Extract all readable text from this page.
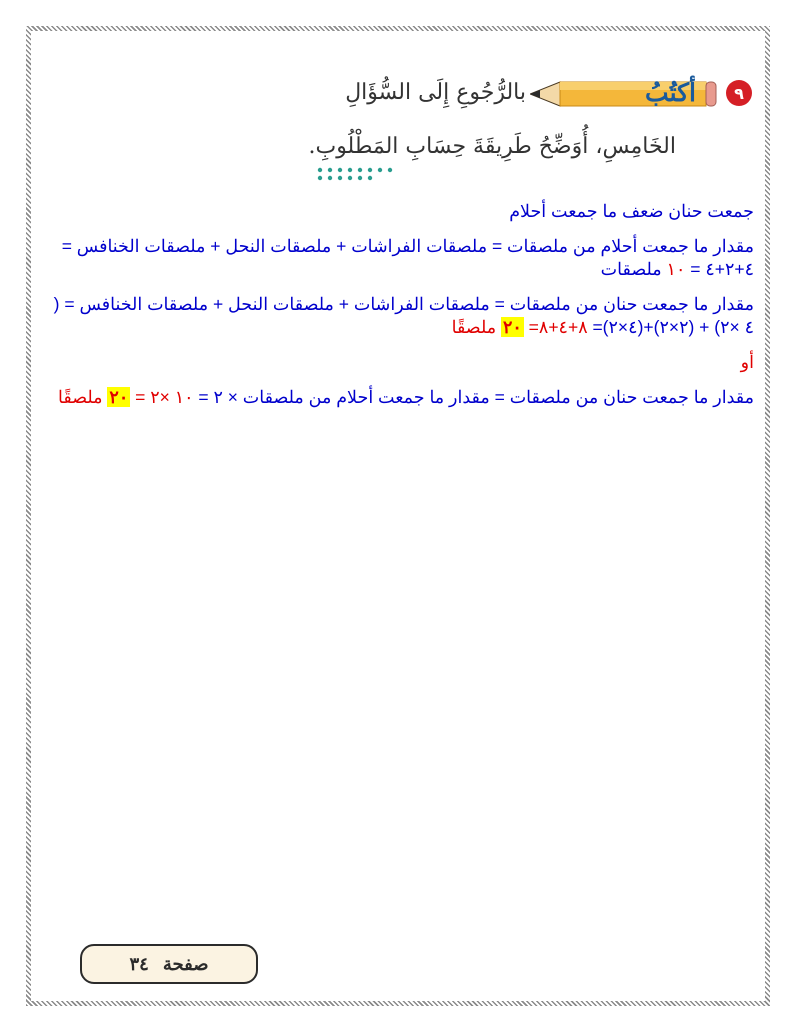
٩
أكتُبُ
بالرُّجُوعِ إِلَى السُّؤَالِ
الخَامِسِ، أُوَضِّحُ طَرِيقَةَ حِسَابِ المَطْلُوبِ.

جمعت حنان ضعف ما جمعت أحلام

مقدار ما جمعت أحلام من ملصقات = ملصقات الفراشات + ملصقات النحل + ملصقات الخنافس = ٤+٢+٤ = ١٠ ملصقات

مقدار ما جمعت حنان من ملصقات = ملصقات الفراشات + ملصقات النحل + ملصقات الخنافس = ( ٤ ×٢) + (٢×٢)+(٤×٢)= ٨+٤+٨= ٢٠ ملصقًا

أو

مقدار ما جمعت حنان من ملصقات = مقدار ما جمعت أحلام من ملصقات × ٢ = ١٠ ×٢ = ٢٠ ملصقًا

صفحة
٣٤
